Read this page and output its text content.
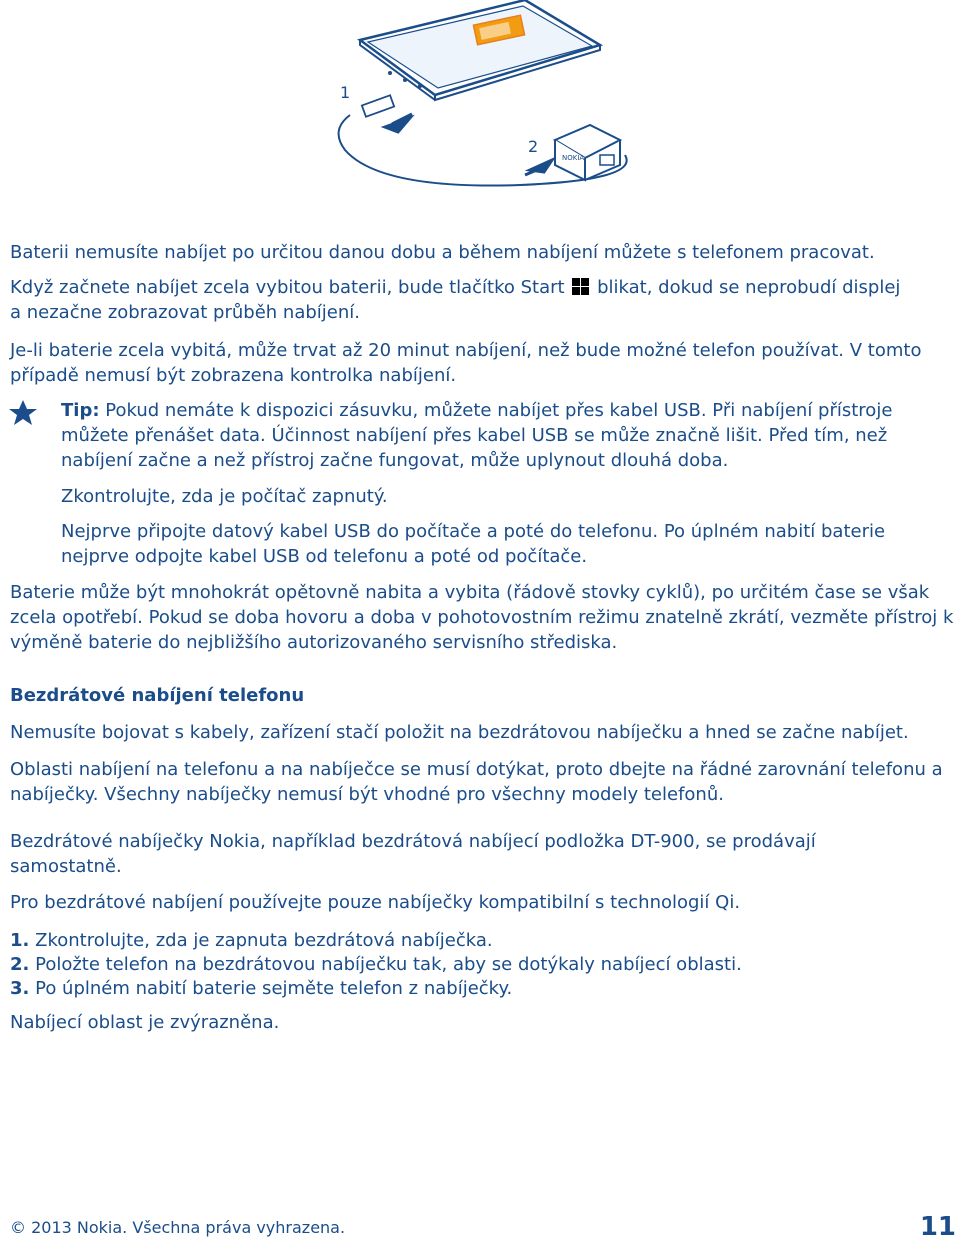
1
2
NOKIA

Baterii nemusíte nabíjet po určitou danou dobu a během nabíjení můžete s telefonem pracovat.

Když začnete nabíjet zcela vybitou baterii, bude tlačítko Start blikat, dokud se neprobudí displej

a nezačne zobrazovat průběh nabíjení.

Je-li baterie zcela vybitá, může trvat až 20 minut nabíjení, než bude možné telefon používat. V tomto

případě nemusí být zobrazena kontrolka nabíjení.

Tip: Pokud nemáte k dispozici zásuvku, můžete nabíjet přes kabel USB. Při nabíjení přístroje můžete přenášet data. Účinnost nabíjení přes kabel USB se může značně lišit. Před tím, než nabíjení začne a než přístroj začne fungovat, může uplynout dlouhá doba.
Zkontrolujte, zda je počítač zapnutý.
Nejprve připojte datový kabel USB do počítače a poté do telefonu. Po úplném nabití baterie nejprve odpojte kabel USB od telefonu a poté od počítače.

Baterie může být mnohokrát opětovně nabita a vybita (řádově stovky cyklů), po určitém čase se však zcela opotřebí. Pokud se doba hovoru a doba v pohotovostním režimu znatelně zkrátí, vezměte přístroj k výměně baterie do nejbližšího autorizovaného servisního střediska.

Bezdrátové nabíjení telefonu

Nemusíte bojovat s kabely, zařízení stačí položit na bezdrátovou nabíječku a hned se začne nabíjet.

Oblasti nabíjení na telefonu a na nabíječce se musí dotýkat, proto dbejte na řádné zarovnání telefonu a nabíječky. Všechny nabíječky nemusí být vhodné pro všechny modely telefonů.

Bezdrátové nabíječky Nokia, například bezdrátová nabíjecí podložka DT-900, se prodávají samostatně.

Pro bezdrátové nabíjení používejte pouze nabíječky kompatibilní s technologií Qi.

1. Zkontrolujte, zda je zapnuta bezdrátová nabíječka.

2. Položte telefon na bezdrátovou nabíječku tak, aby se dotýkaly nabíjecí oblasti.

3. Po úplném nabití baterie sejměte telefon z nabíječky.

Nabíjecí oblast je zvýrazněna.

© 2013 Nokia. Všechna práva vyhrazena.	11
